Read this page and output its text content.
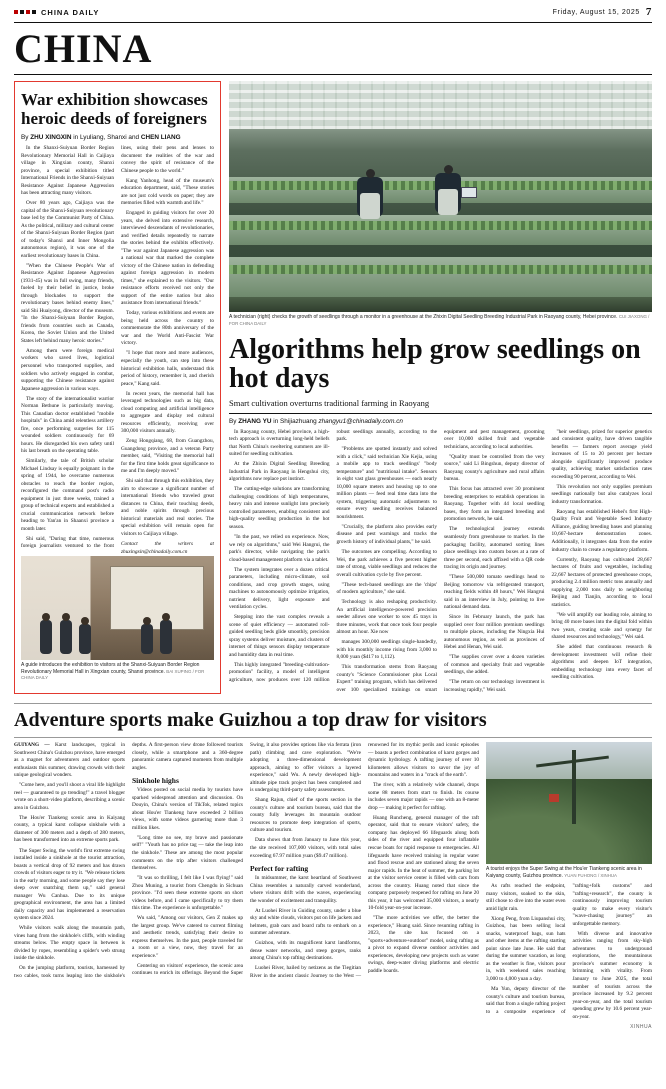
CHINA DAILY	Friday, August 15, 2025 7
CHINA
War exhibition showcases heroic deeds of foreigners
By ZHU XINGXIN in Lyuliang, Shanxi and CHEN LIANG

In the Shanxi-Suiyuan Border Region Revolutionary Memorial Hall in Caijiaya village in Xingxian county, Shanxi province, a special exhibition titled International Friends in the Shanxi-Suiyuan Resistance Against Japanese Aggression has been attracting many visitors.

Over 80 years ago, Caijiaya was the capital of the Shanxi-Suiyuan revolutionary base led by the Communist Party of China. As the political, military and cultural center of the Shanxi-Suiyuan Border Region (part of today's Shanxi and Inner Mongolia autonomous region), it was one of the earliest revolutionary bases in China.

"When the Chinese People's War of Resistance Against Japanese Aggression (1931-45) was in full swing, many friends, fueled by their belief in justice, broke through blockades to support the revolutionary bases behind enemy lines," said Shi Huaiyong, director of the museum. "In the Shanxi-Suiyuan Border Region, friends from countries such as Canada, Korea, the Soviet Union and the United States left behind many heroic stories."

Among them were foreign medical workers who saved lives, logistical personnel who transported supplies, and soldiers who actively engaged in combat, supporting the Chinese resistance against Japanese aggression in various ways.

The story of the internationalist warrior Norman Bethune is particularly moving. This Canadian doctor established "mobile hospitals" in China amid relentless artillery fire, once performing surgeries for 115 wounded soldiers continuously for 69 hours. He disregarded his own safety until his last breath on the operating table.

Similarly, the tale of British scholar Michael Lindsay is equally poignant: in the spring of 1944, he overcame numerous obstacles to reach the border region, reconfigured the command post's radio equipment in just three weeks, trained a group of technical experts and established a crucial communication network before heading to Yan'an in Shaanxi province a month later.

Shi said, "During that time, numerous foreign journalists ventured to the front lines, using their pens and lenses to document the realities of the war and convey the spirit of resistance of the Chinese people to the world."

Kang Yanhong, head of the museum's education department, said, "These stories are not just cold words on paper; they are memories filled with warmth and life."

Engaged in guiding visitors for over 20 years, she delved into extensive research, interviewed descendants of revolutionaries, and verified details repeatedly to narrate the stories behind the exhibits effectively. "The war against Japanese aggression was a national war that marked the complete victory of the Chinese nation in defending against foreign aggression in modern times," she explained to the visitors. "Our resistance efforts received not only the support of the entire nation but also assistance from international friends."

Today, various exhibitions and events are being held across the country to commemorate the 80th anniversary of the war and the World Anti-Fascist War victory.

"I hope that more and more audiences, especially the youth, can step into these historical exhibition halls, understand this period of history, remember it, and cherish peace," Kang said.

In recent years, the memorial hall has leveraged technologies such as big data, cloud computing and artificial intelligence to aggregate and display red cultural resources efficiently, receiving over 300,000 visitors annually.

Zeng Hongqiang, 68, from Guangzhou, Guangdong province, and a veteran Party member, said, "Visiting the memorial hall for the first time holds great significance to me and I'm deeply moved."

Shi said that through this exhibition, they aim to showcase a significant number of international friends who traveled great distances to China, their touching deeds, and noble spirits through precious historical materials and real stories. The special exhibition will remain open for visitors to Caijiaya village.

Contact the writers at zhuxingxin@chinadaily.com.cn

A guide introduces the exhibition to visitors at the Shanxi-Suiyuan Border Region Revolutionary Memorial Hall in Xingxian county, Shanxi province. BAI XUPING / FOR CHINA DAILY
A technician (right) checks the growth of seedlings through a monitor in a greenhouse at the Zhixin Digital Seedling Breeding Industrial Park in Raoyang county, Hebei province. CUI JIAXONG / FOR CHINA DAILY
Algorithms help grow seedlings on hot days
Smart cultivation overturns traditional farming in Raoyang
By ZHANG YU in Shijiazhuang zhangyu1@chinadaily.com.cn

In Raoyang county, Hebei province, a high-tech approach is overturning long-held beliefs that North China's sweltering summers are ill-suited for seedling cultivation.

At the Zhixin Digital Seedling Breeding Industrial Park in Raoyang in Hengshui city, algorithms now replace pot instinct.

The cutting-edge solutions are transforming challenging conditions of high temperatures, heavy rain and intense sunlight into precisely controlled parameters, enabling consistent and high-quality seedling production in the hot season.

"In the past, we relied on experience. Now, we rely on algorithms," said Wei Hangrui, the park's director, while navigating the park's cloud-based management platform via a tablet.

The system integrates over a dozen critical parameters, including micro-climate, soil conditions, and crop growth stages, using machines to autonomously optimize irrigation, nutrient delivery, light exposure and ventilation cycles.

Stepping into the vast complex reveals a scene of quiet efficiency — automated roll-guided seedling beds glide smoothly, precision spray systems deliver moisture, and clusters of internet of things sensors display temperature and humidity data in real time.

This highly integrated "breeding-cultivation-promotion" facility, a model of intelligent agriculture, now produces over 120 million robust seedlings annually, according to the park.

"Problems are spotted instantly and solved with a click," said technician Xie Kejia, using a mobile app to track seedlings' "body temperature" and "nutritional intake". Sensors in eight vast glass greenhouses — each nearly 10,000 square meters and housing up to one million plants — feed real time data into the system, triggering automatic adjustments to ensure every seedling receives balanced nourishment.

"Crucially, the platform also provides early disease and pest warnings and tracks the growth history of individual plants," he said.

The outcomes are compelling. According to Wei, the park achieves a five percent higher rate of strong, viable seedlings and reduces the overall cultivation cycle by five percent.

"These tech-based seedlings are the 'chips' of modern agriculture," she said.

Technology is also reshaping productivity. An artificial intelligence-powered precision seeder allows one worker to sow 45 trays in three minutes, work that once took four people almost an hour. Xie now

manages 300,000 seedlings single-handedly, with his monthly income rising from 3,000 to 8,000 yuan ($417 to 1,112).

This transformation stems from Raoyang county's "Science Commissioner plus Local Expert" training program, which has delivered over 100 specialized trainings on smart equipment and pest management, grooming over 10,000 skilled fruit and vegetable technicians, according to local authorities.

"Quality must be controlled from the very source," said Li Bingshun, deputy director of Raoyang county's agriculture and rural affairs bureau.

This focus has attracted over 30 prominent breeding enterprises to establish operations in Raoyang. Together with 44 local seedling bases, they form an integrated breeding and promotion network, he said.

The technological journey extends seamlessly from greenhouse to market. In the packaging facility, automated sorting lines place seedlings into custom boxes at a rate of three per second, each affixed with a QR code tracing its origin and journey.

"These 500,000 tomato seedlings head to Beijing tomorrow via refrigerated transport, reaching fields within 48 hours," Wei Hangrui said in an interview in July, pointing to live national demand data.

Since its February launch, the park has supplied over four million premium seedlings to multiple places, including the Ningxia Hui autonomous region, as well as provinces of Hebei and Henan, Wei said.

"The supplies cover over a dozen varieties of common and specialty fruit and vegetable seedlings, she added.

"The return on our technology investment is increasing rapidly," Wei said.

"heir seedlings, prized for superior genetics and consistent quality, have driven tangible benefits — farmers report average yield increases of 15 to 20 percent per hectare alongside significantly improved produce quality, achieving market satisfaction rates exceeding 90 percent, according to Wei.

This revolution not only supplies premium seedlings nationally but also catalyzes local industry transformation.

Raoyang has established Hebei's first High-Quality Fruit and Vegetable Seed Industry Alliance, guiding breeding bases and planning 10,667-hectare demonstration zones. Additionally, it integrates data from the entire industry chain to create a regulatory platform.

Currently, Raoyang has cultivated 28,667 hectares of fruits and vegetables, including 22,667 hectares of protected greenhouse crops, producing 2.4 million metric tons annually and supplying 2,000 tons daily to neighboring Beijing and Tianjin, according to local statistics.

"We will amplify our leading role, aiming to bring 40 more bases into the digital fold within two years, creating scale and synergy for shared resources and technology," Wei said.

She added that continuous research & development investment will refine their algorithms and deepen IoT integration, embedding technology into every facet of seedling cultivation.

Adventure sports make Guizhou a top draw for visitors

GUIYANG — Karst landscapes, typical in Southwest China's Guizhou province, have emerged as a magnet for adventurers and outdoor sports enthusiasts this summer, drawing crowds with their unique geological wonders.

"Come here, and you'll shoot a viral life highlight reel — guaranteed to go trending!" a travel blogger wrote on a short-video platform, describing a scenic area in Guizhou.

The Hou'er Tiankeng scenic area in Kaiyang county, a typical karst collapse sinkhole with a diameter of 300 meters and a depth of 280 meters, has been transformed into an extreme sports park.

The Super Swing, the world's first extreme swing installed inside a sinkhole at the tourist attraction, boasts a vertical drop of 92 meters and has drawn crowds of visitors eager to try it. "We release tickets in the early morning, and some people say they lose sleep over snatching them up," said general manager Wu Canhua. Due to its unique geographical environment, the area has a limited daily capacity and has implemented a reservation system since 2024.

While visitors walk along the mountain path, vines hang from the sinkhole's cliffs, with winding streams below. The empty space in between is divided by ropes, resembling a spider's web strung inside the sinkhole.

On the jumping platform, tourists, harnessed by two cables, took turns leaping into the sinkhole's depths. A first-person view drone followed tourists closely, while a smartphone and a 360-degree panoramic camera captured moments from multiple angles.

Sinkhole highs

Videos posted on social media by tourists have sparked widespread attention and discussion. On Douyin, China's version of TikTok, related topics about Hou'er Tiankeng have exceeded 2 billion views, with some videos garnering more than 3 million likes.

"Long time no see, my brave and passionate self!" "Youth has no price tag — take the leap into the sinkhole." These are among the most popular comments on the trip after visitors challenged themselves.

"It was so thrilling, I felt like I was flying!" said Zhou Muning, a tourist from Chengdu in Sichuan province. "I'd seen these extreme sports on short videos before, and I came specifically to try them this time. The experience is unforgettable."

Wu said, "Among our visitors, Gen Z makes up the largest group. We've catered to current filming and aesthetic trends, satisfying their desire to express themselves. In the past, people traveled for a room or a view, now, they travel for an experience."

Centering on visitors' experience, the scenic area continues to enrich its offerings. Beyond the Super Swing, it also provides options like via ferrata (iron path) climbing and cave exploration. "We're adopting a three-dimensional development approach, aiming to offer visitors a layered experience," said Wu. A newly developed high-altitude pipe track project has been completed and is undergoing third-party safety assessments.

Shang Rajun, chief of the sports section in the county's culture and tourism bureau, said that the county fully leverages its mountain outdoor resources to promote deep integration of sports, culture and tourism.

Data shows that from January to June this year, the site received 107,000 visitors, with total sales exceeding 67.97 million yuan ($9.47 million).

Perfect for rafting

In midsummer, the karst heartland of Southwest China resembles a naturally carved wonderland, where visitors drift with the waves, experiencing the wonder of excitement and tranquility.

At Luohei River in Guiding county, under a blue sky and white clouds, visitors put on life jackets and helmets, grab oars and board rafts to embark on a summer adventure.

Guizhou, with its magnificent karst landforms, dense water networks, and steep gorges, ranks among China's top rafting destinations.

Luohei River, hailed by netizens as the Tiegitian River in the ancient classic Journey to the West — renowned for its mythic perils and iconic episodes — boasts a perfect combination of karst gorges and dynamic hydrology. A rafting journey of over 10 kilometers allows visitors to savor the joy of mountains and waters in a "crack of the earth".

The river, with a relatively wide channel, drops some 88 meters from start to finish. Its course includes seven major rapids — one with an 8-meter drop — making it perfect for rafting.

Huang Runcheng, general manager of the raft operator, said that to ensure visitors' safety, the company has deployed 66 lifeguards along both sides of the river and equipped four inflatable rescue boats for rapid response to emergencies. All lifeguards have received training in regular water and flood rescue and are stationed along the seven major rapids. In the heat of summer, the parking lot at the visitor service center is filled with cars from across the country. Huang noted that since the company purposely reopened for rafting on June 20 this year, it has welcomed 35,000 visitors, a nearly 10-fold year-on-year increase.

"The more activities we offer, the better the experience," Huang said. Since resuming rafting in 2023, the site has focused on a "sports+adventure+outdoor" model, using rafting as a pivot to expand diverse outdoor activities and experiences, developing new projects such as water swings, deep-water diving platforms and electric paddle boards.

A tourist enjoys the Super Swing at the Hou'er Tiankeng scenic area in Kaiyang county, Guizhou province. YUAN FUHONG / XINHUA

As rafts reached the endpoint, many visitors, soaked to the skin, still chose to dive into the water even amid light rain.

Xiong Peng, from Liupanshui city, Guizhou, has been selling local snacks, waterproof bags, sun hats and other items at the rafting starting point since late June. He said that during the summer vacation, as long as the weather is fine, visitors pour in, with weekend sales reaching 3,000 to 4,000 yuan a day.

Ma Yun, deputy director of the county's culture and tourism bureau, said that from a single rafting project to a composite experience of "rafting+folk customs" and "rafting+research", the county is continuously improving tourism quality to make every visitor's "wave-chasing journey" an unforgettable memory.

With diverse and innovative activities ranging from sky-high adventures to underground explorations, the mountainous province's summer economy is brimming with vitality. From January to June 2025, the total number of tourists across the province increased by 9.2 percent year-on-year, and the total tourism spending grew by 10.6 percent year-on-year.

XINHUA
